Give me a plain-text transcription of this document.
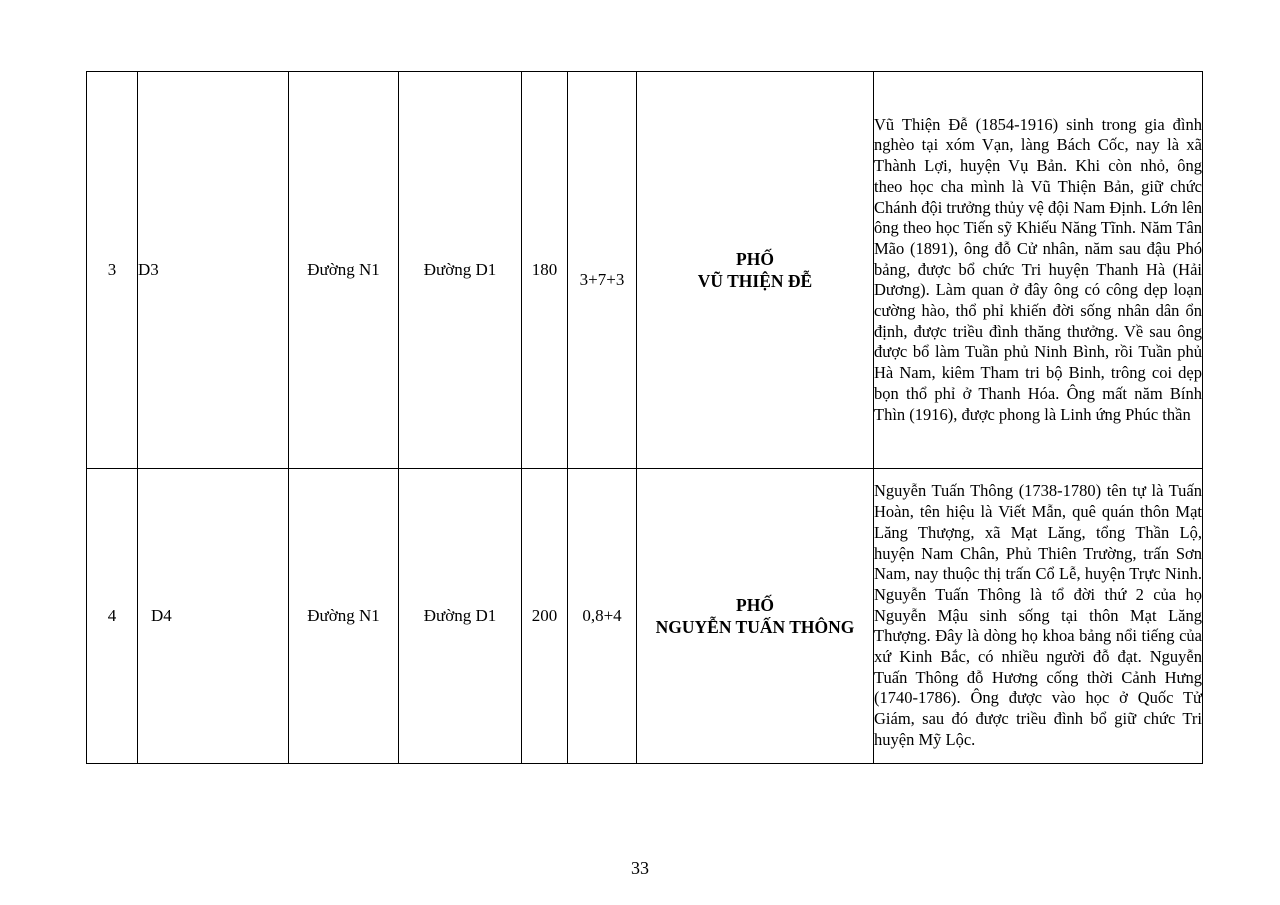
3	D3	Đường N1	Đường D1	180	3+7+3	PHỐ
VŨ THIỆN ĐỄ	Vũ Thiện Đễ (1854-1916) sinh trong gia đình nghèo tại xóm Vạn, làng Bách Cốc, nay là xã Thành Lợi, huyện Vụ Bản. Khi còn nhỏ, ông theo học cha mình là Vũ Thiện Bản, giữ chức Chánh đội trưởng thủy vệ đội Nam Định. Lớn lên ông theo học Tiến sỹ Khiếu Năng Tĩnh. Năm Tân Mão (1891), ông đỗ Cử nhân, năm sau đậu Phó bảng, được bổ chức Tri huyện Thanh Hà (Hải Dương). Làm quan ở đây ông có công dẹp loạn cường hào, thổ phỉ khiến đời sống nhân dân ổn định, được triều đình thăng thưởng. Về sau ông được bổ làm Tuần phủ Ninh Bình, rồi Tuần phủ Hà Nam, kiêm Tham tri bộ Binh, trông coi dẹp bọn thổ phỉ ở Thanh Hóa. Ông mất năm Bính Thìn (1916), được phong là Linh ứng Phúc thần
4	D4	Đường N1	Đường D1	200	0,8+4	PHỐ
NGUYỄN TUẤN THÔNG	Nguyễn Tuấn Thông (1738-1780) tên tự là Tuấn Hoàn, tên hiệu là Viết Mẫn, quê quán thôn Mạt Lăng Thượng, xã Mạt Lăng, tổng Thần Lộ, huyện Nam Chân, Phủ Thiên Trường, trấn Sơn Nam, nay thuộc thị trấn Cổ Lễ, huyện Trực Ninh. Nguyễn Tuấn Thông là tổ đời thứ 2 của họ Nguyễn Mậu sinh sống tại thôn Mạt Lăng Thượng. Đây là dòng họ khoa bảng nổi tiếng của xứ Kinh Bắc, có nhiều người đỗ đạt. Nguyễn Tuấn Thông đỗ Hương cống thời Cảnh Hưng (1740-1786). Ông được vào học ở Quốc Tử Giám, sau đó được triều đình bổ giữ chức Tri huyện Mỹ Lộc.
33
